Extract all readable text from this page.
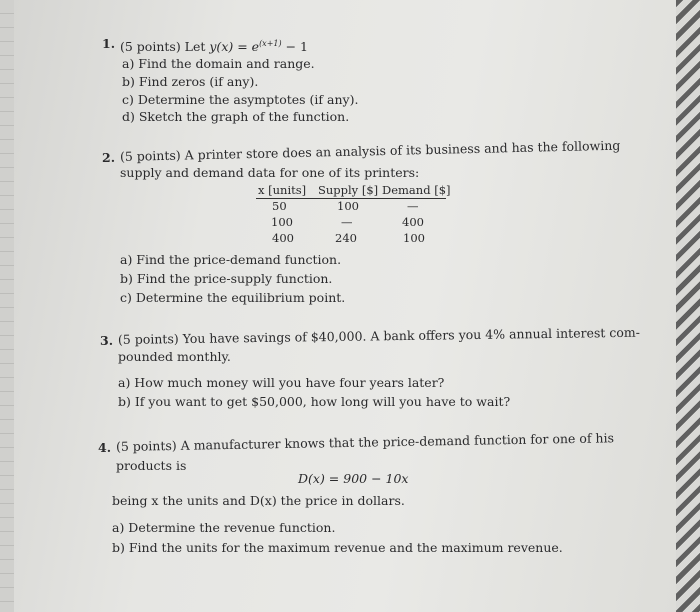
1. (5 points) Let $y(x) = e^{(x+1)} - 1$
a) Find the domain and range.
b) Find zeros (if any).
c) Determine the asymptotes (if any).
d) Sketch the graph of the function.
2. (5 points) A printer store does an analysis of its business and has the following
supply and demand data for one of its printers:
x [units] Supply [$] Demand [$]
50	100	—
100	—	400
400	240	100
a) Find the price-demand function.
b) Find the price-supply function.
c) Determine the equilibrium point.
3. (5 points) You have savings of $40,000. A bank offers you 4% annual interest com-
pounded monthly.
a) How much money will you have four years later?
b) If you want to get $50,000, how long will you have to wait?
4. (5 points) A manufacturer knows that the price-demand function for one of his
products is
D(x) = 900 − 10x
being x the units and D(x) the price in dollars.
a) Determine the revenue function.
b) Find the units for the maximum revenue and the maximum revenue.
